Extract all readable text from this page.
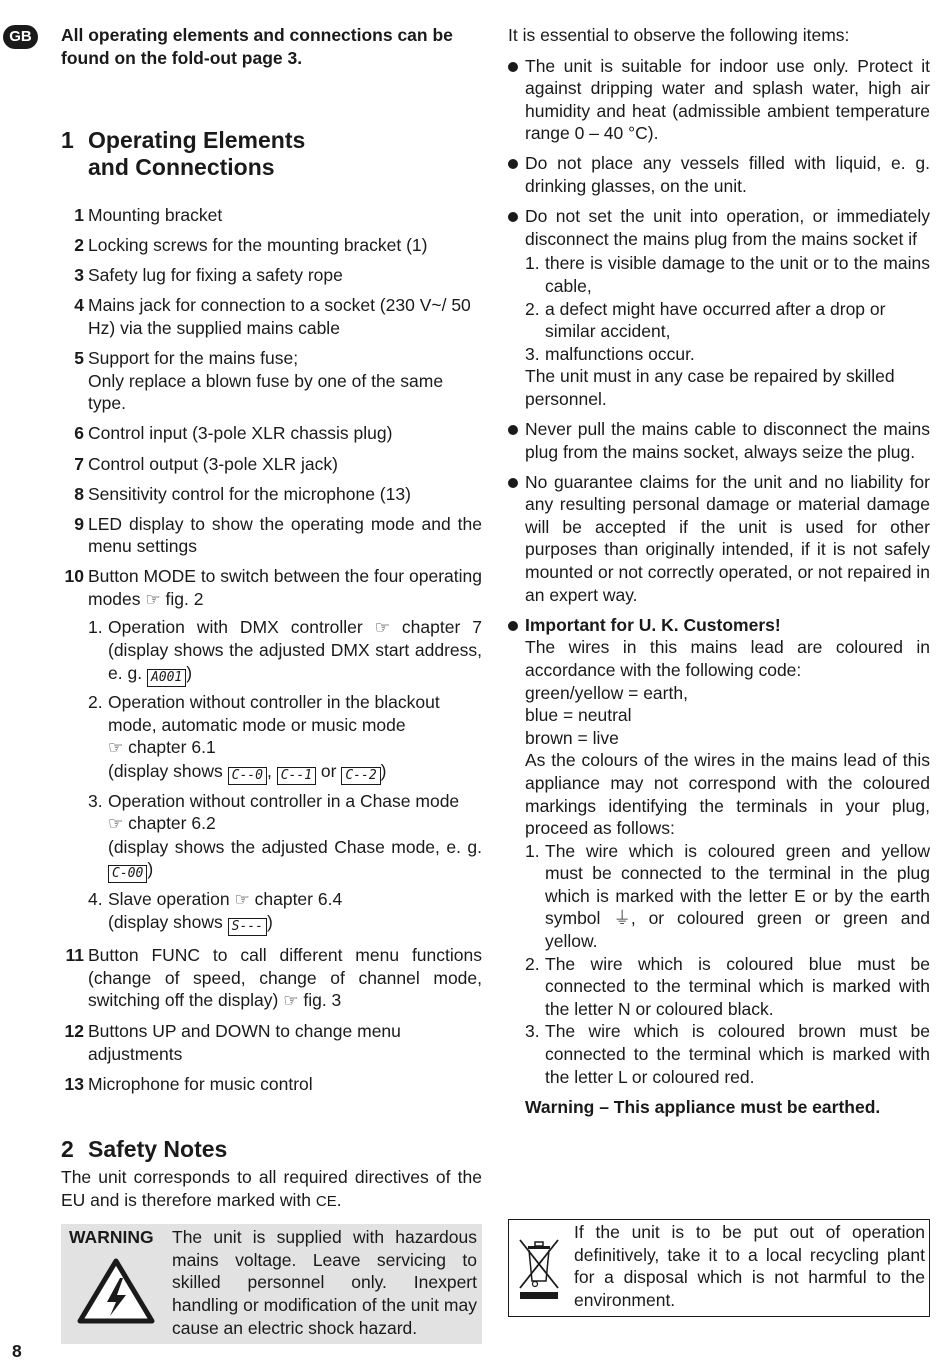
GB	All operating elements and connections can be found on the fold-out page 3.

1 Operating Elements
and Connections
1 Mounting bracket
2 Locking screws for the mounting bracket (1)
3 Safety lug for fixing a safety rope
4 Mains jack for connection to a socket (230 V~/ 50 Hz) via the supplied mains cable
5 Support for the mains fuse;
Only replace a blown fuse by one of the same type.
6 Control input (3-pole XLR chassis plug)
7 Control output (3-pole XLR jack)
8 Sensitivity control for the microphone (13)
9 LED display to show the operating mode and the menu settings
10 Button MODE to switch between the four operating modes ☞ fig. 2
1. Operation with DMX controller ☞ chapter 7 (display shows the adjusted DMX start address, e. g. A001 )
2. Operation without controller in the blackout mode, automatic mode or music mode
☞ chapter 6.1
(display shows C--0 , C--1 or C--2 )
3. Operation without controller in a Chase mode
☞ chapter 6.2
(display shows the adjusted Chase mode, e. g. C-00 )
4. Slave operation ☞ chapter 6.4
(display shows S--- )
11 Button FUNC to call different menu functions (change of speed, change of channel mode, switching off the display) ☞ fig. 3
12 Buttons UP and DOWN to change menu adjustments
13 Microphone for music control
2 Safety Notes

The unit corresponds to all required directives of the EU and is therefore marked with CE.

WARNING The unit is supplied with hazardous mains voltage. Leave servicing to skilled personnel only. Inexpert handling or modification of the unit may cause an electric shock hazard.

It is essential to observe the following items:

The unit is suitable for indoor use only. Protect it against dripping water and splash water, high air humidity and heat (admissible ambient temperature range 0 – 40 °C).
Do not place any vessels filled with liquid, e. g. drinking glasses, on the unit.
Do not set the unit into operation, or immediately disconnect the mains plug from the mains socket if
1. there is visible damage to the unit or to the mains cable,
2. a defect might have occurred after a drop or similar accident,
3. malfunctions occur.
The unit must in any case be repaired by skilled personnel.
Never pull the mains cable to disconnect the mains plug from the mains socket, always seize the plug.
No guarantee claims for the unit and no liability for any resulting personal damage or material damage will be accepted if the unit is used for other purposes than originally intended, if it is not safely mounted or not correctly operated, or not repaired in an expert way.
Important for U. K. Customers!

The wires in this mains lead are coloured in accordance with the following code:
green/yellow = earth,
blue = neutral
brown = live

As the colours of the wires in the mains lead of this appliance may not correspond with the coloured markings identifying the terminals in your plug, proceed as follows:
1. The wire which is coloured green and yellow must be connected to the terminal in the plug which is marked with the letter E or by the earth symbol ⏚, or coloured green or green and yellow.
2. The wire which is coloured blue must be connected to the terminal which is marked with the letter N or coloured black.
3. The wire which is coloured brown must be connected to the terminal which is marked with the letter L or coloured red.

Warning – This appliance must be earthed.

If the unit is to be put out of operation definitively, take it to a local recycling plant for a disposal which is not harmful to the environment.

8
